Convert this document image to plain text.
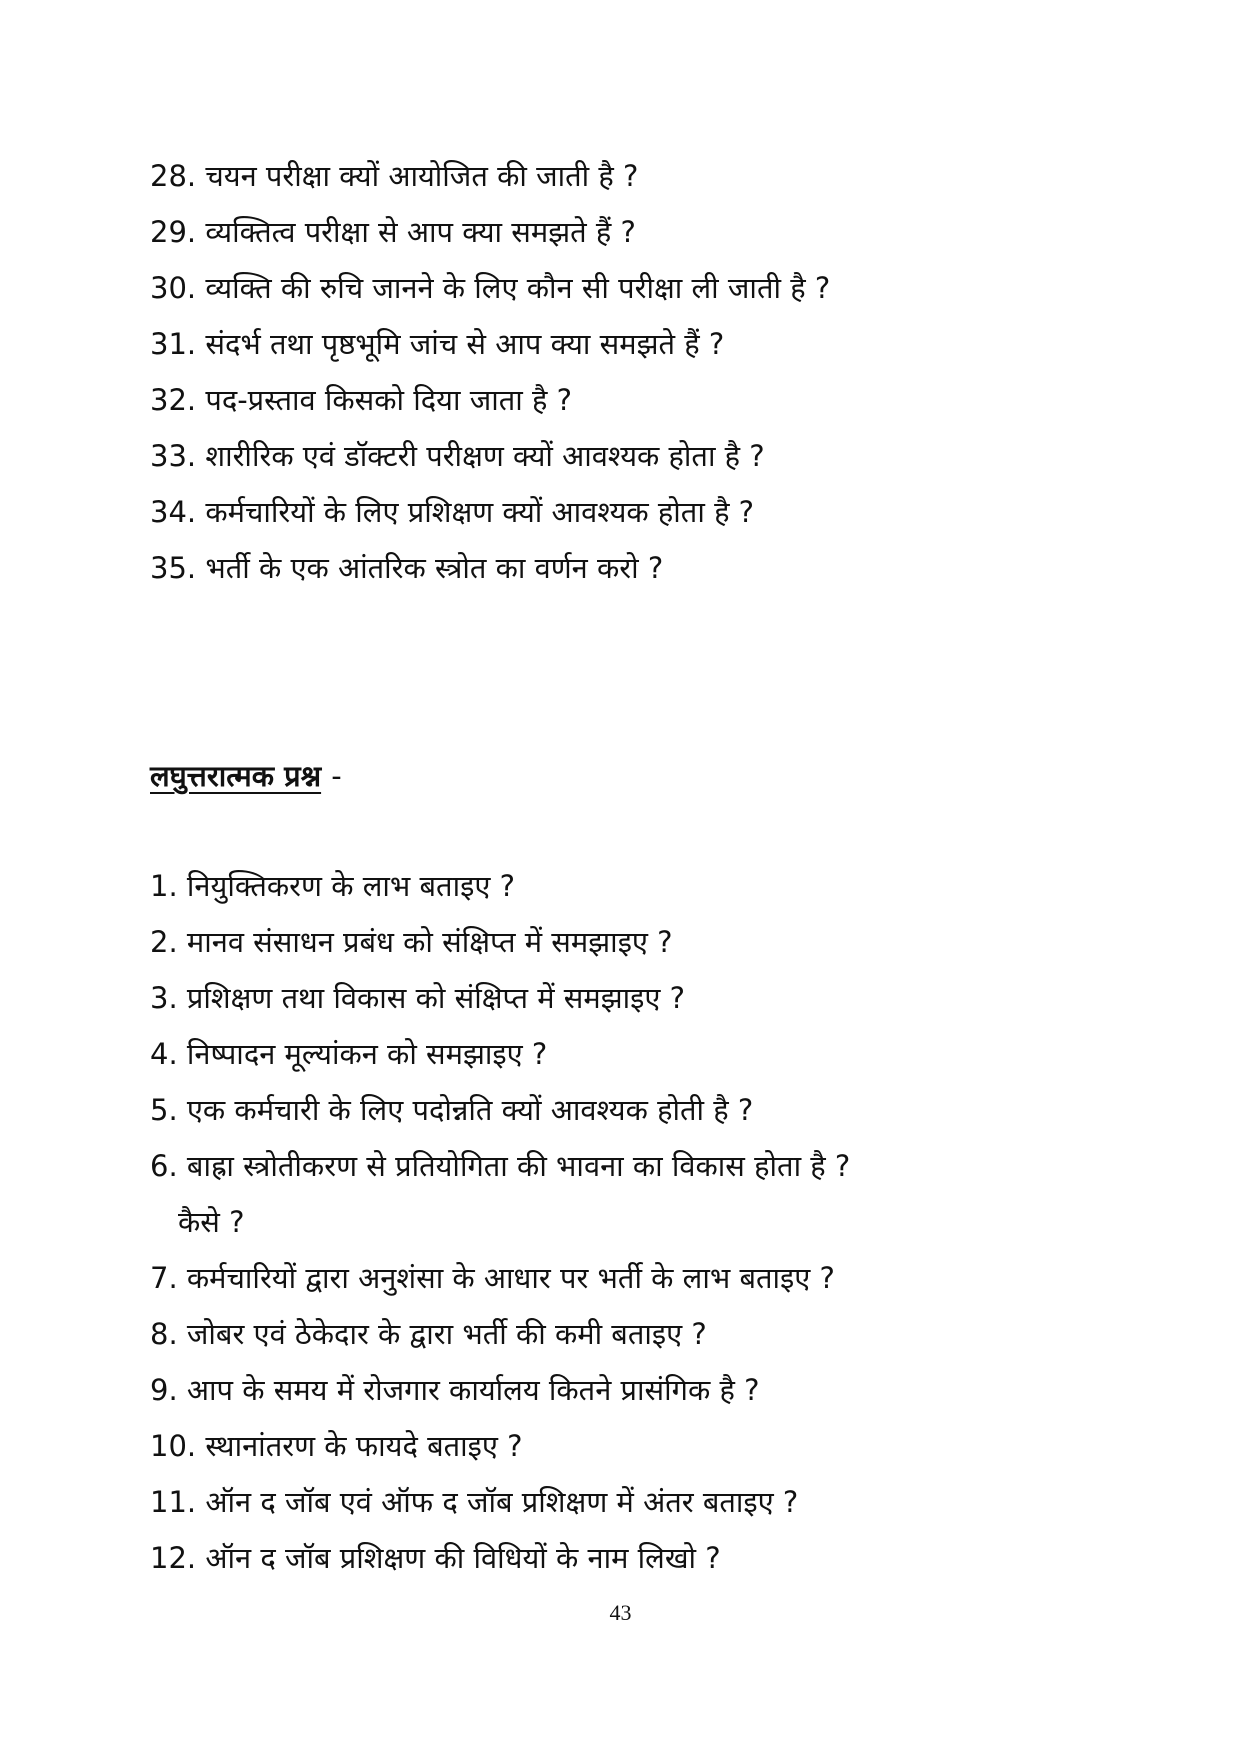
28. चयन परीक्षा क्यों आयोजित की जाती है ?
29. व्यक्तित्व परीक्षा से आप क्या समझते हैं ?
30. व्यक्ति की रुचि जानने के लिए कौन सी परीक्षा ली जाती है ?
31. संदर्भ तथा पृष्ठभूमि जांच से आप क्या समझते हैं ?
32. पद-प्रस्ताव किसको दिया जाता है ?
33. शारीरिक एवं डॉक्टरी परीक्षण क्यों आवश्यक होता है ?
34. कर्मचारियों के लिए प्रशिक्षण क्यों आवश्यक होता है ?
35. भर्ती के एक आंतरिक स्त्रोत का वर्णन करो ?
लघुत्तरात्मक प्रश्न -
1. नियुक्तिकरण के लाभ बताइए ?
2. मानव संसाधन प्रबंध को संक्षिप्त में समझाइए ?
3. प्रशिक्षण तथा विकास को संक्षिप्त में समझाइए ?
4. निष्पादन मूल्यांकन को समझाइए ?
5. एक कर्मचारी के लिए पदोन्नति क्यों आवश्यक होती है ?
6. बाह्रा स्त्रोतीकरण से प्रतियोगिता की भावना का विकास होता है ?
कैसे ?
7. कर्मचारियों द्वारा अनुशंसा के आधार पर भर्ती के लाभ बताइए ?
8. जोबर एवं ठेकेदार के द्वारा भर्ती की कमी बताइए ?
9. आप के समय में रोजगार कार्यालय कितने प्रासंगिक है ?
10. स्थानांतरण के फायदे बताइए ?
11. ऑन द जॉब एवं ऑफ द जॉब प्रशिक्षण में अंतर बताइए ?
12. ऑन द जॉब प्रशिक्षण की विधियों के नाम लिखो ?
43
